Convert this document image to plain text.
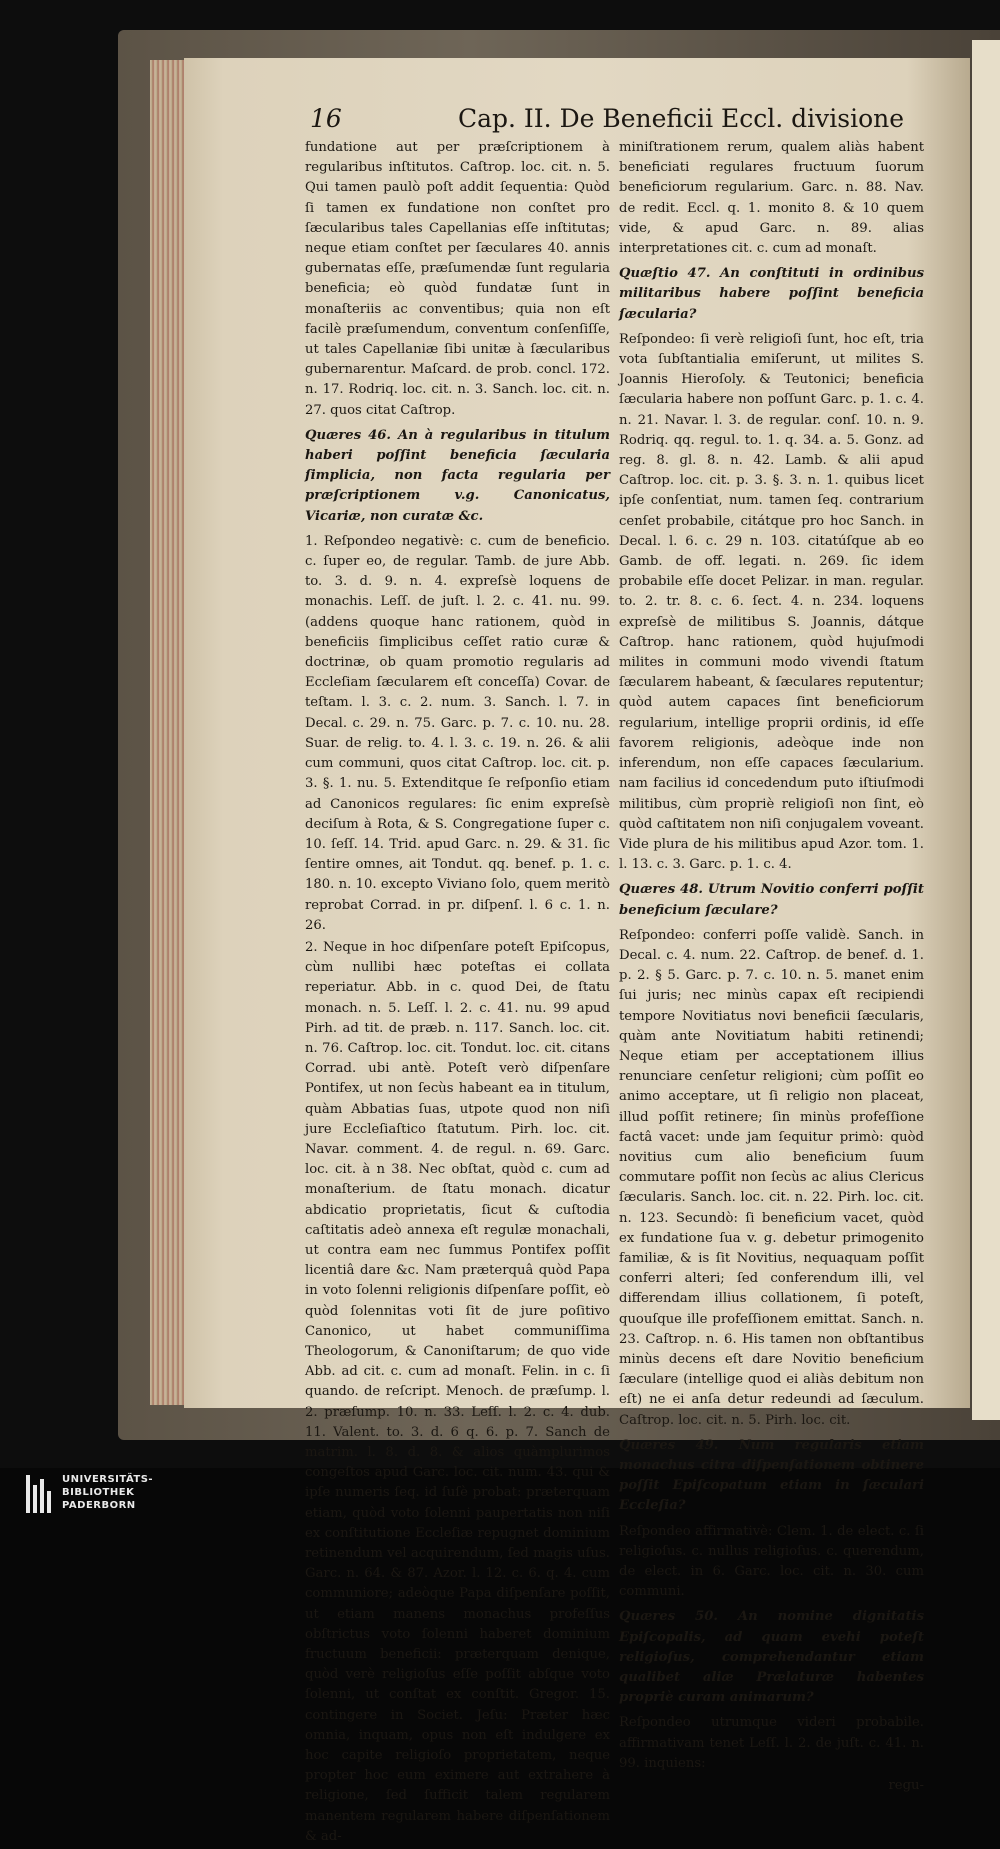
16	Cap. II. De Beneficii Eccl. divisione

fundatione aut per præſcriptionem à regularibus inſtitutos. Caſtrop. loc. cit. n. 5. Qui tamen paulò poſt addit ſequentia: Quòd ſi tamen ex fundatione non conſtet pro ſæcularibus tales Capellanias eſſe inſtitutas; neque etiam conſtet per ſæculares 40. annis gubernatas eſſe, præſumendæ ſunt regularia beneficia; eò quòd fundatæ ſunt in monaſteriis ac conventibus; quia non eſt facilè præſumendum, conventum conſenſiſſe, ut tales Capellaniæ ſibi unitæ à ſæcularibus gubernarentur. Maſcard. de prob. concl. 172. n. 17. Rodriq. loc. cit. n. 3. Sanch. loc. cit. n. 27. quos citat Caſtrop.

Quæres 46. An à regularibus in titulum haberi poſſint beneficia ſæcularia ſimplicia, non facta regularia per præſcriptionem v.g. Canonicatus, Vicariæ, non curatæ &c.

1. Reſpondeo negativè: c. cum de beneficio. c. ſuper eo, de regular. Tamb. de jure Abb. to. 3. d. 9. n. 4. expreſsè loquens de monachis. Leſſ. de juſt. l. 2. c. 41. nu. 99. (addens quoque hanc rationem, quòd in beneficiis ſimplicibus ceſſet ratio curæ & doctrinæ, ob quam promotio regularis ad Eccleſiam ſæcularem eſt conceſſa) Covar. de teſtam. l. 3. c. 2. num. 3. Sanch. l. 7. in Decal. c. 29. n. 75. Garc. p. 7. c. 10. nu. 28. Suar. de relig. to. 4. l. 3. c. 19. n. 26. & alii cum communi, quos citat Caſtrop. loc. cit. p. 3. §. 1. nu. 5. Extenditque ſe reſponſio etiam ad Canonicos regulares: ſic enim expreſsè deciſum à Rota, & S. Congregatione ſuper c. 10. ſeſſ. 14. Trid. apud Garc. n. 29. & 31. ſic ſentire omnes, ait Tondut. qq. benef. p. 1. c. 180. n. 10. excepto Viviano ſolo, quem meritò reprobat Corrad. in pr. diſpenſ. l. 6 c. 1. n. 26.

2. Neque in hoc diſpenſare poteſt Epiſcopus, cùm nullibi hæc poteſtas ei collata reperiatur. Abb. in c. quod Dei, de ſtatu monach. n. 5. Leſſ. l. 2. c. 41. nu. 99 apud Pirh. ad tit. de præb. n. 117. Sanch. loc. cit. n. 76. Caſtrop. loc. cit. Tondut. loc. cit. citans Corrad. ubi antè. Poteſt verò diſpenſare Pontifex, ut non ſecùs habeant ea in titulum, quàm Abbatias ſuas, utpote quod non niſi jure Eccleſiaſtico ſtatutum. Pirh. loc. cit. Navar. comment. 4. de regul. n. 69. Garc. loc. cit. à n 38. Nec obſtat, quòd c. cum ad monaſterium. de ſtatu monach. dicatur abdicatio proprietatis, ſicut & cuſtodia caſtitatis adeò annexa eſt regulæ monachali, ut contra eam nec ſummus Pontifex poſſit licentiâ dare &c. Nam præterquâ quòd Papa in voto ſolenni religionis diſpenſare poſſit, eò quòd ſolennitas voti ſit de jure poſitivo Canonico, ut habet communiſſima Theologorum, & Canoniſtarum; de quo vide Abb. ad cit. c. cum ad monaſt. Felin. in c. ſi quando. de reſcript. Menoch. de præſump. l. 2. præſump. 10. n. 33. Leſſ. l. 2. c. 4. dub. 11. Valent. to. 3. d. 6 q. 6. p. 7. Sanch de matrim. l. 8. d. 8. & alios quàmplurimos congeſtos apud Garc. loc. cit. num. 43. qui & ipſe numeris ſeq. id ſuſè probat: præterquam etiam, quòd voto ſolenni paupertatis non niſi ex conſtitutione Eccleſiæ repugnet dominium retinendum vel acquirendum, ſed magis uſus. Garc. n. 64. & 87. Azor. l. 12. c. 6. q. 4. cum communiore; adeòque Papa diſpenſare poſſit, ut etiam manens monachus profeſſus obſtrictus voto ſolenni haberet dominium fructuum beneficii: præterquam denique, quòd verè religioſus eſſe poſſit abſque voto ſolenni, ut conſtat ex conſtit. Gregor. 15. contingere in Societ. Jeſu: Præter hæc omnia, inquam, opus non eſt indulgere ex hoc capite religioſo proprietatem, neque propter hoc eum eximere aut extrahere à religione, ſed ſufficit talem regularem manentem regularem habere diſpenſationem & ad-

miniſtrationem rerum, qualem aliàs habent beneficiati regulares fructuum ſuorum beneficiorum regularium. Garc. n. 88. Nav. de redit. Eccl. q. 1. monito 8. & 10 quem vide, & apud Garc. n. 89. alias interpretationes cit. c. cum ad monaſt.

Quæſtio 47. An conſtituti in ordinibus militaribus habere poſſint beneficia ſæcularia?

Reſpondeo: ſi verè religioſi ſunt, hoc eſt, tria vota ſubſtantialia emiſerunt, ut milites S. Joannis Hieroſoly. & Teutonici; beneficia ſæcularia habere non poſſunt Garc. p. 1. c. 4. n. 21. Navar. l. 3. de regular. conſ. 10. n. 9. Rodriq. qq. regul. to. 1. q. 34. a. 5. Gonz. ad reg. 8. gl. 8. n. 42. Lamb. & alii apud Caſtrop. loc. cit. p. 3. §. 3. n. 1. quibus licet ipſe conſentiat, num. tamen ſeq. contrarium cenſet probabile, citátque pro hoc Sanch. in Decal. l. 6. c. 29 n. 103. citatúſque ab eo Gamb. de off. legati. n. 269. ſic idem probabile eſſe docet Pelizar. in man. regular. to. 2. tr. 8. c. 6. ſect. 4. n. 234. loquens expreſsè de militibus S. Joannis, dátque Caſtrop. hanc rationem, quòd hujuſmodi milites in communi modo vivendi ſtatum ſæcularem habeant, & ſæculares reputentur; quòd autem capaces ſint beneficiorum regularium, intellige proprii ordinis, id eſſe favorem religionis, adeòque inde non inferendum, non eſſe capaces ſæcularium. nam facilius id concedendum puto iſtiuſmodi militibus, cùm propriè religioſi non ſint, eò quòd caſtitatem non niſi conjugalem voveant. Vide plura de his militibus apud Azor. tom. 1. l. 13. c. 3. Garc. p. 1. c. 4.

Quæres 48. Utrum Novitio conferri poſſit beneficium ſæculare?

Reſpondeo: conferri poſſe validè. Sanch. in Decal. c. 4. num. 22. Caſtrop. de benef. d. 1. p. 2. § 5. Garc. p. 7. c. 10. n. 5. manet enim ſui juris; nec minùs capax eſt recipiendi tempore Novitiatus novi beneficii ſæcularis, quàm ante Novitiatum habiti retinendi; Neque etiam per acceptationem illius renunciare cenſetur religioni; cùm poſſit eo animo acceptare, ut ſi religio non placeat, illud poſſit retinere; ſin minùs profeſſione factâ vacet: unde jam ſequitur primò: quòd novitius cum alio beneficium ſuum commutare poſſit non ſecùs ac alius Clericus ſæcularis. Sanch. loc. cit. n. 22. Pirh. loc. cit. n. 123. Secundò: ſi beneficium vacet, quòd ex fundatione ſua v. g. debetur primogenito familiæ, & is ſit Novitius, nequaquam poſſit conferri alteri; ſed conferendum illi, vel differendam illius collationem, ſi poteſt, quouſque ille profeſſionem emittat. Sanch. n. 23. Caſtrop. n. 6. His tamen non obſtantibus minùs decens eſt dare Novitio beneficium ſæculare (intellige quod ei aliàs debitum non eſt) ne ei anſa detur redeundi ad ſæculum. Caſtrop. loc. cit. n. 5. Pirh. loc. cit.

Quæres 49. Num regularis etiam monachus citra diſpenſationem obtinere poſſit Epiſcopatum etiam in ſæculari Eccleſia?

Reſpondeo affirmativè: Clem. 1. de elect. c. ſi religioſus. c. nullus religioſus. c. querendum, de elect. in 6. Garc. loc. cit. n. 30. cum communi.

Quæres 50. An nomine dignitatis Epiſcopalis, ad quam evehi poteſt religioſus, comprehendantur etiam qualibet aliæ Prælaturæ habentes propriè curam animarum?

Reſpondeo utrumque videri probabile. affirmativam tenet Leſſ. l. 2. de juſt. c. 41. n. 99. inquiens:

regu-

UNIVERSITÄTS-
BIBLIOTHEK
PADERBORN
